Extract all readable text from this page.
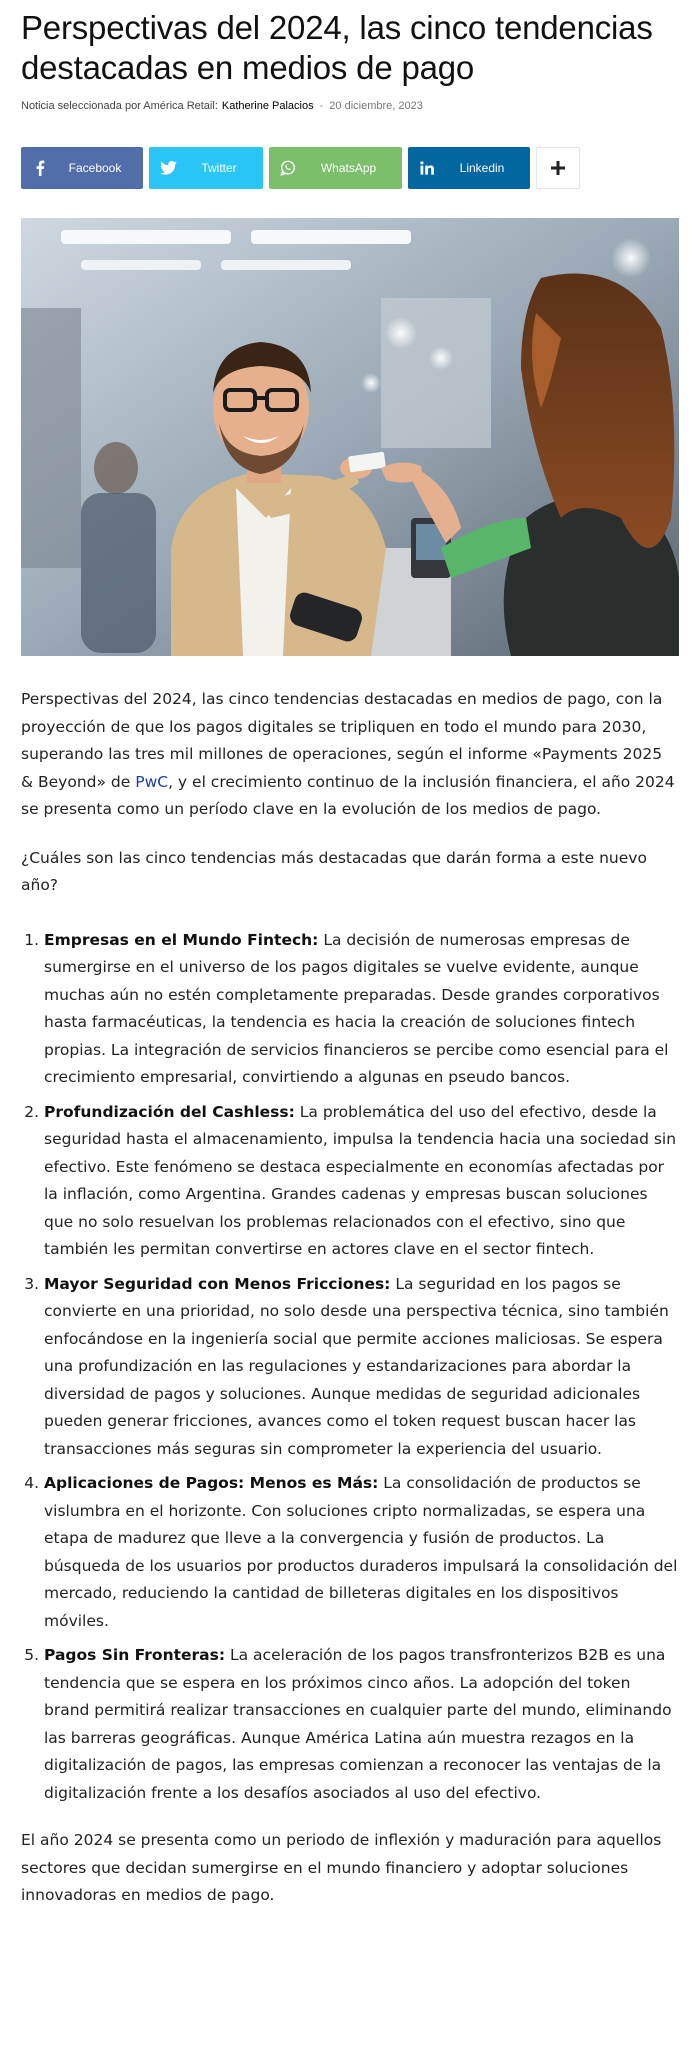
Perspectivas del 2024, las cinco tendencias destacadas en medios de pago
Noticia seleccionada por América Retail: Katherine Palacios - 20 diciembre, 2023
Facebook	Twitter	WhatsApp	Linkedin

Perspectivas del 2024, las cinco tendencias destacadas en medios de pago, con la proyección de que los pagos digitales se tripliquen en todo el mundo para 2030, superando las tres mil millones de operaciones, según el informe «Payments 2025 & Beyond» de PwC, y el crecimiento continuo de la inclusión financiera, el año 2024 se presenta como un período clave en la evolución de los medios de pago.

¿Cuáles son las cinco tendencias más destacadas que darán forma a este nuevo año?

1. Empresas en el Mundo Fintech: La decisión de numerosas empresas de sumergirse en el universo de los pagos digitales se vuelve evidente, aunque muchas aún no estén completamente preparadas. Desde grandes corporativos hasta farmacéuticas, la tendencia es hacia la creación de soluciones fintech propias. La integración de servicios financieros se percibe como esencial para el crecimiento empresarial, convirtiendo a algunas en pseudo bancos.
2. Profundización del Cashless: La problemática del uso del efectivo, desde la seguridad hasta el almacenamiento, impulsa la tendencia hacia una sociedad sin efectivo. Este fenómeno se destaca especialmente en economías afectadas por la inflación, como Argentina. Grandes cadenas y empresas buscan soluciones que no solo resuelvan los problemas relacionados con el efectivo, sino que también les permitan convertirse en actores clave en el sector fintech.
3. Mayor Seguridad con Menos Fricciones: La seguridad en los pagos se convierte en una prioridad, no solo desde una perspectiva técnica, sino también enfocándose en la ingeniería social que permite acciones maliciosas. Se espera una profundización en las regulaciones y estandarizaciones para abordar la diversidad de pagos y soluciones. Aunque medidas de seguridad adicionales pueden generar fricciones, avances como el token request buscan hacer las transacciones más seguras sin comprometer la experiencia del usuario.
4. Aplicaciones de Pagos: Menos es Más: La consolidación de productos se vislumbra en el horizonte. Con soluciones cripto normalizadas, se espera una etapa de madurez que lleve a la convergencia y fusión de productos. La búsqueda de los usuarios por productos duraderos impulsará la consolidación del mercado, reduciendo la cantidad de billeteras digitales en los dispositivos móviles.
5. Pagos Sin Fronteras: La aceleración de los pagos transfronterizos B2B es una tendencia que se espera en los próximos cinco años. La adopción del token brand permitirá realizar transacciones en cualquier parte del mundo, eliminando las barreras geográficas. Aunque América Latina aún muestra rezagos en la digitalización de pagos, las empresas comienzan a reconocer las ventajas de la digitalización frente a los desafíos asociados al uso del efectivo.

El año 2024 se presenta como un periodo de inflexión y maduración para aquellos sectores que decidan sumergirse en el mundo financiero y adoptar soluciones innovadoras en medios de pago.
